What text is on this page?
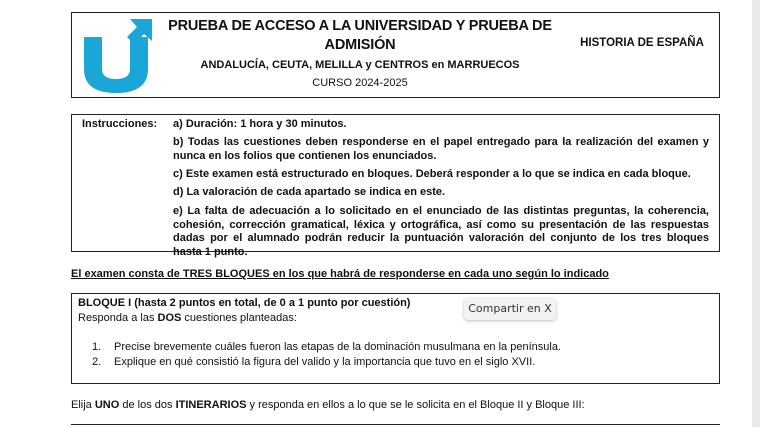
PRUEBA DE ACCESO A LA UNIVERSIDAD Y PRUEBA DE
ADMISIÓN	HISTORIA DE ESPAÑA
ANDALUCÍA, CEUTA, MELILLA y CENTROS en MARRUECOS
CURSO 2024-2025
Instrucciones: a) Duración: 1 hora y 30 minutos.
b) Todas las cuestiones deben responderse en el papel entregado para la realización del examen y nunca en los folios que contienen los enunciados.
c) Este examen está estructurado en bloques. Deberá responder a lo que se indica en cada bloque.
d) La valoración de cada apartado se indica en este.
e) La falta de adecuación a lo solicitado en el enunciado de las distintas preguntas, la coherencia, cohesión, corrección gramatical, léxica y ortográfica, así como su presentación de las respuestas dadas por el alumnado podrán reducir la puntuación valoración del conjunto de los tres bloques hasta 1 punto.
El examen consta de TRES BLOQUES en los que habrá de responderse en cada uno según lo indicado
BLOQUE I (hasta 2 puntos en total, de 0 a 1 punto por cuestión)
Responda a las DOS cuestiones planteadas:
1. Precise brevemente cuáles fueron las etapas de la dominación musulmana en la península.
2. Explique en qué consistió la figura del valido y la importancia que tuvo en el siglo XVII.
Compartir en X
Elija UNO de los dos ITINERARIOS y responda en ellos a lo que se le solicita en el Bloque II y Bloque III:
